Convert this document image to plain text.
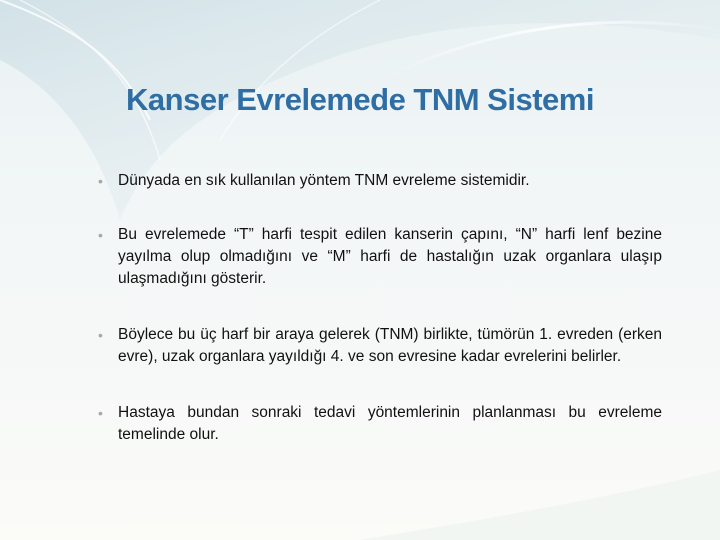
Kanser Evrelemede TNM Sistemi
• Dünyada en sık kullanılan yöntem TNM evreleme sistemidir.
• Bu evrelemede “T” harfi tespit edilen kanserin çapını, “N” harfi lenf bezine yayılma olup olmadığını ve “M” harfi de hastalığın uzak organlara ulaşıp ulaşmadığını gösterir.
• Böylece bu üç harf bir araya gelerek (TNM) birlikte, tümörün 1. evreden (erken evre), uzak organlara yayıldığı 4. ve son evresine kadar evrelerini belirler.
• Hastaya bundan sonraki tedavi yöntemlerinin planlanması bu evreleme temelinde olur.
